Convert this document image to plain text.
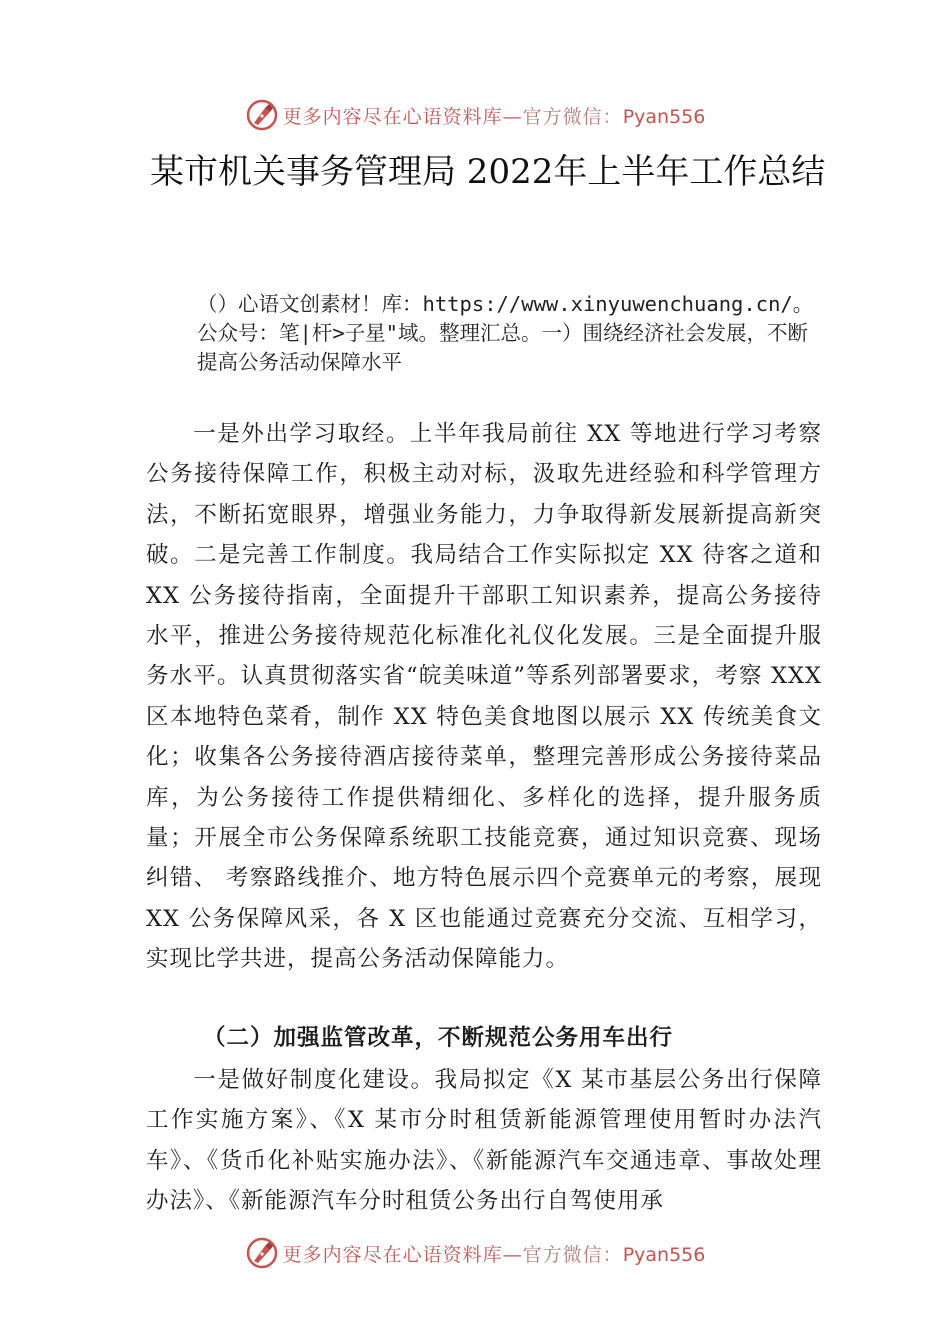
更多内容尽在心语资料库—官方微信：Pyan556
某市机关事务管理局 2022年上半年工作总结

（）心语文创素材！库：https://www.xinyuwenchuang.cn/。公众号：笔|杆>子星"域。整理汇总。一）围绕经济社会发展，不断提高公务活动保障水平

一是外出学习取经。上半年我局前往 XX 等地进行学习考察公务接待保障工作，积极主动对标，汲取先进经验和科学管理方法，不断拓宽眼界，增强业务能力，力争取得新发展新提高新突破。二是完善工作制度。我局结合工作实际拟定 XX 待客之道和 XX 公务接待指南，全面提升干部职工知识素养，提高公务接待水平，推进公务接待规范化标准化礼仪化发展。三是全面提升服务水平。认真贯彻落实省“皖美味道”等系列部署要求，考察 XXX 区本地特色菜肴，制作 XX 特色美食地图以展示 XX 传统美食文化；收集各公务接待酒店接待菜单，整理完善形成公务接待菜品库，为公务接待工作提供精细化、多样化的选择，提升服务质量；开展全市公务保障系统职工技能竞赛，通过知识竞赛、现场纠错、 考察路线推介、地方特色展示四个竞赛单元的考察，展现 XX 公务保障风采，各 X 区也能通过竞赛充分交流、互相学习， 实现比学共进，提高公务活动保障能力。

（二）加强监管改革，不断规范公务用车出行

一是做好制度化建设。我局拟定《X 某市基层公务出行保障工作实施方案》、《X 某市分时租赁新能源管理使用暂时办法汽车》、《货币化补贴实施办法》、《新能源汽车交通违章、事故处理办法》、《新能源汽车分时租赁公务出行自驾使用承

更多内容尽在心语资料库—官方微信：Pyan556
